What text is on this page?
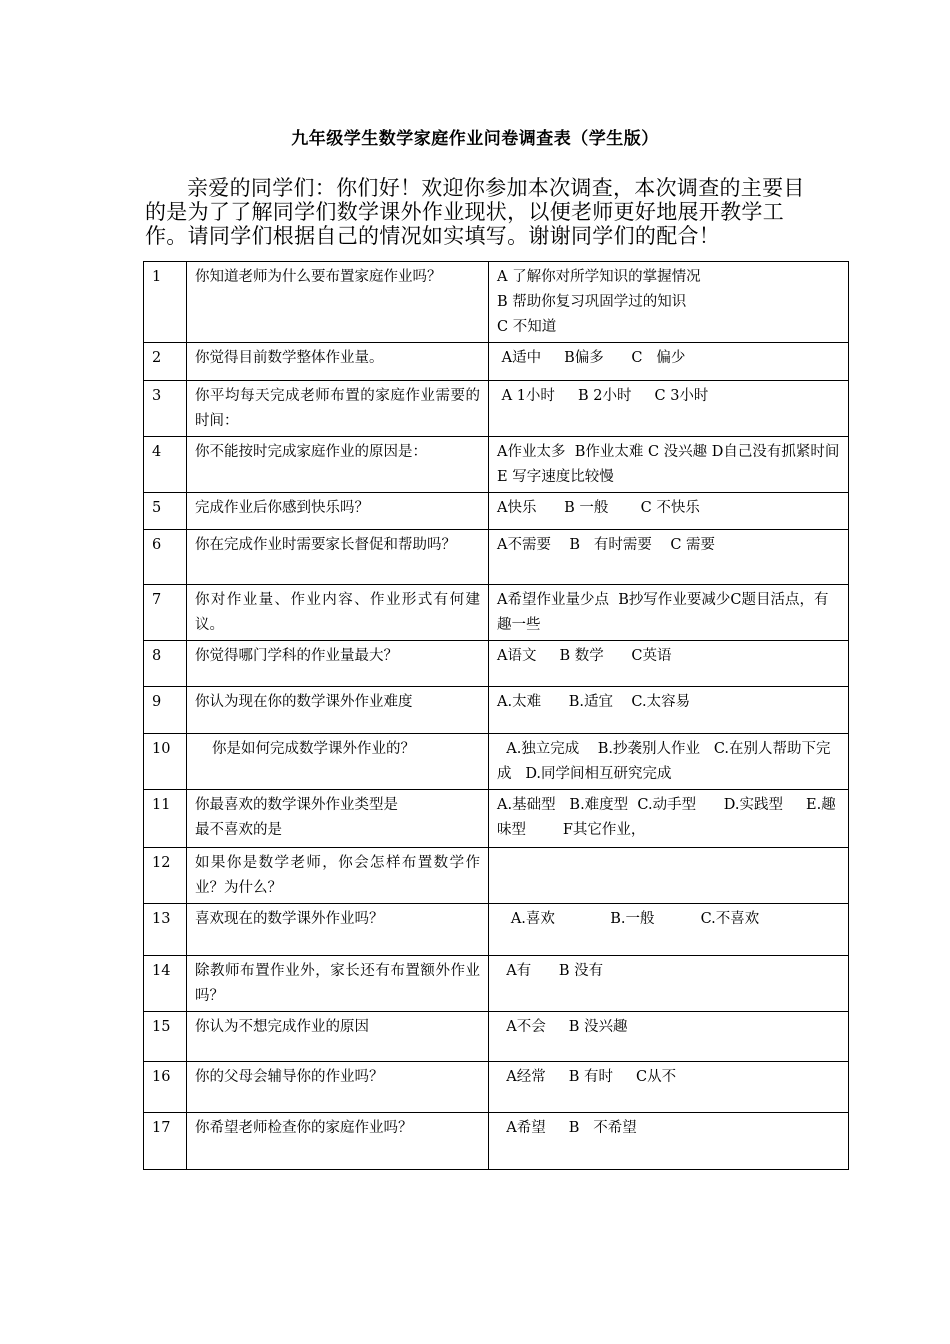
九年级学生数学家庭作业问卷调查表（学生版）
亲爱的同学们：你们好！欢迎你参加本次调查，本次调查的主要目的是为了了解同学们数学课外作业现状，以便老师更好地展开教学工作。请同学们根据自己的情况如实填写。谢谢同学们的配合！
1	你知道老师为什么要布置家庭作业吗？	A 了解你对所学知识的掌握情况
B 帮助你复习巩固学过的知识
C 不知道
2	你觉得目前数学整体作业量。	A适中     B偏多      C   偏少
3	你平均每天完成老师布置的家庭作业需要的时间：	A 1小时     B 2小时     C 3小时
4	你不能按时完成家庭作业的原因是：	A作业太多  B作业太难 C 没兴趣 D自己没有抓紧时间   E 写字速度比较慢
5	完成作业后你感到快乐吗？	A快乐      B 一般       C 不快乐
6	你在完成作业时需要家长督促和帮助吗？	A不需要    B   有时需要    C 需要
7	你对作业量、作业内容、作业形式有何建议。	A希望作业量少点  B抄写作业要减少C题目活点，有趣一些
8	你觉得哪门学科的作业量最大？	A语文     B 数学      C英语
9	你认为现在你的数学课外作业难度	A.太难      B.适宜    C.太容易
10	你是如何完成数学课外作业的？	A.独立完成    B.抄袭别人作业   C.在别人帮助下完成   D.同学间相互研究完成
11	你最喜欢的数学课外作业类型是
最不喜欢的是	A.基础型   B.难度型  C.动手型      D.实践型     E.趣味型        F其它作业，
12	如果你是数学老师，你会怎样布置数学作业？为什么？	
13	喜欢现在的数学课外作业吗？	A.喜欢            B.一般          C.不喜欢
14	除教师布置作业外，家长还有布置额外作业吗？	A有      B 没有
15	你认为不想完成作业的原因	A不会     B 没兴趣
16	你的父母会辅导你的作业吗？	A经常     B 有时     C从不
17	你希望老师检查你的家庭作业吗？	A希望     B   不希望
